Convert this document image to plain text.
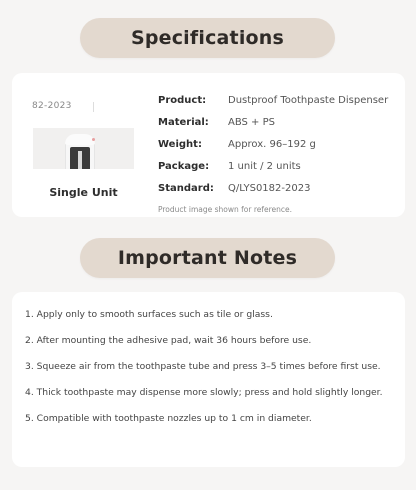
Specifications
82-2023
Single Unit
Product: Dustproof Toothpaste Dispenser
Material: ABS + PS
Weight:	Approx. 96–192 g
Package: 1 unit / 2 units
Standard: Q/LYS0182-2023
Product image shown for reference.
Important Notes
1. Apply only to smooth surfaces such as tile or glass.
2. After mounting the adhesive pad, wait 36 hours before use.
3. Squeeze air from the toothpaste tube and press 3–5 times before first use.
4. Thick toothpaste may dispense more slowly; press and hold slightly longer.
5. Compatible with toothpaste nozzles up to 1 cm in diameter.
